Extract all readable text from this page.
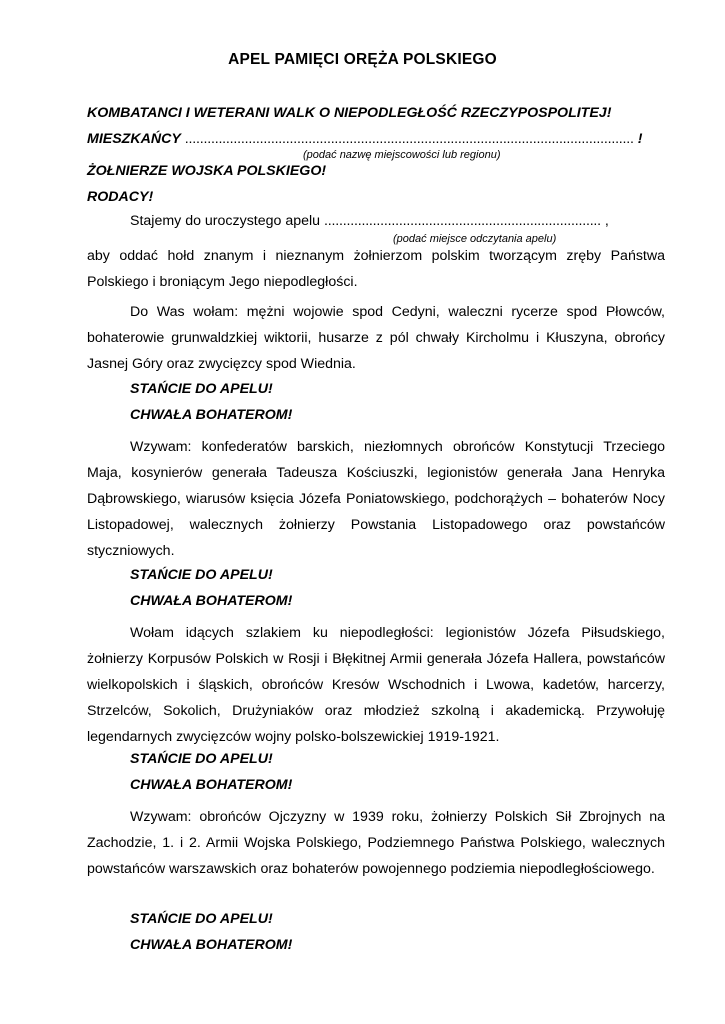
APEL PAMIĘCI ORĘŻA POLSKIEGO
KOMBATANCI I WETERANI WALK O NIEPODLEGŁOŚĆ RZECZYPOSPOLITEJ!
MIESZKAŃCY ........................................................................................................................ !
(podać nazwę miejscowości lub regionu)
ŻOŁNIERZE WOJSKA POLSKIEGO!
RODACY!
Stajemy do uroczystego apelu .......................................................................... ,
(podać miejsce odczytania apelu)
aby oddać hołd znanym i nieznanym żołnierzom polskim tworzącym zręby Państwa Polskiego i broniącym Jego niepodległości.
Do Was wołam: mężni wojowie spod Cedyni, waleczni rycerze spod Płowców, bohaterowie grunwaldzkiej wiktorii, husarze z pól chwały Kircholmu i Kłuszyna, obrońcy Jasnej Góry oraz zwycięzcy spod Wiednia.
STAŃCIE DO APELU!
CHWAŁA BOHATEROM!
Wzywam: konfederatów barskich, niezłomnych obrońców Konstytucji Trzeciego Maja, kosynierów generała Tadeusza Kościuszki, legionistów generała Jana Henryka Dąbrowskiego, wiarusów księcia Józefa Poniatowskiego, podchorążych – bohaterów Nocy Listopadowej, walecznych żołnierzy Powstania Listopadowego oraz powstańców styczniowych.
STAŃCIE DO APELU!
CHWAŁA BOHATEROM!
Wołam idących szlakiem ku niepodległości: legionistów Józefa Piłsudskiego, żołnierzy Korpusów Polskich w Rosji i Błękitnej Armii generała Józefa Hallera, powstańców wielkopolskich i śląskich, obrońców Kresów Wschodnich i Lwowa, kadetów, harcerzy, Strzelców, Sokolich, Drużyniaków oraz młodzież szkolną i akademicką. Przywołuję legendarnych zwycięzców wojny polsko-bolszewickiej 1919-1921.
STAŃCIE DO APELU!
CHWAŁA BOHATEROM!
Wzywam: obrońców Ojczyzny w 1939 roku, żołnierzy Polskich Sił Zbrojnych na Zachodzie, 1. i 2. Armii Wojska Polskiego, Podziemnego Państwa Polskiego, walecznych powstańców warszawskich oraz bohaterów powojennego podziemia niepodległościowego.
STAŃCIE DO APELU!
CHWAŁA BOHATEROM!
